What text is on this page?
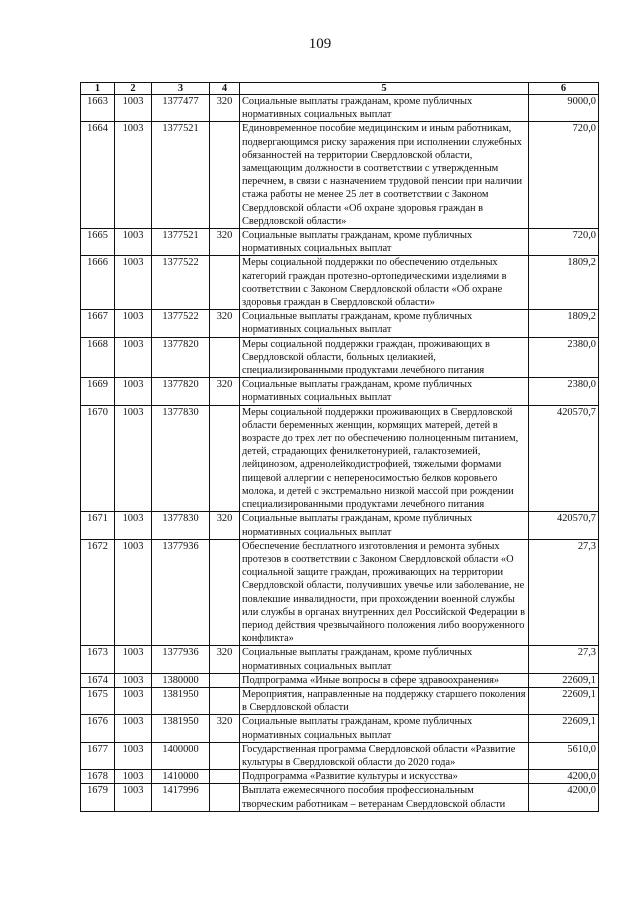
109
1	2	3	4	5	6
1663	1003	1377477	320	Социальные выплаты гражданам, кроме публичных нормативных социальных выплат	9000,0
1664	1003	1377521		Единовременное пособие медицинским и иным работникам, подвергающимся риску заражения при исполнении служебных обязанностей на территории Свердловской области, замещающим должности в соответствии с утвержденным перечнем, в связи с назначением трудовой пенсии при наличии стажа работы не менее 25 лет в соответствии с Законом Свердловской области «Об охране здоровья граждан в Свердловской области»	720,0
1665	1003	1377521	320	Социальные выплаты гражданам, кроме публичных нормативных социальных выплат	720,0
1666	1003	1377522		Меры социальной поддержки по обеспечению отдельных категорий граждан протезно-ортопедическими изделиями в соответствии с Законом Свердловской области «Об охране здоровья граждан в Свердловской области»	1809,2
1667	1003	1377522	320	Социальные выплаты гражданам, кроме публичных нормативных социальных выплат	1809,2
1668	1003	1377820		Меры социальной поддержки граждан, проживающих в Свердловской области, больных целиакией, специализированными продуктами лечебного питания	2380,0
1669	1003	1377820	320	Социальные выплаты гражданам, кроме публичных нормативных социальных выплат	2380,0
1670	1003	1377830		Меры социальной поддержки проживающих в Свердловской области беременных женщин, кормящих матерей, детей в возрасте до трех лет по обеспечению полноценным питанием, детей, страдающих фенилкетонурией, галактоземией, лейцинозом, адренолейкодистрофией, тяжелыми формами пищевой аллергии с непереносимостью белков коровьего молока, и детей с экстремально низкой массой при рождении специализированными продуктами лечебного питания	420570,7
1671	1003	1377830	320	Социальные выплаты гражданам, кроме публичных нормативных социальных выплат	420570,7
1672	1003	1377936		Обеспечение бесплатного изготовления и ремонта зубных протезов в соответствии с Законом Свердловской области «О социальной защите граждан, проживающих на территории Свердловской области, получивших увечье или заболевание, не повлекшие инвалидности, при прохождении военной службы или службы в органах внутренних дел Российской Федерации в период действия чрезвычайного положения либо вооруженного конфликта»	27,3
1673	1003	1377936	320	Социальные выплаты гражданам, кроме публичных нормативных социальных выплат	27,3
1674	1003	1380000		Подпрограмма «Иные вопросы в сфере здравоохранения»	22609,1
1675	1003	1381950		Мероприятия, направленные на поддержку старшего поколения в Свердловской области	22609,1
1676	1003	1381950	320	Социальные выплаты гражданам, кроме публичных нормативных социальных выплат	22609,1
1677	1003	1400000		Государственная программа Свердловской области «Развитие культуры в Свердловской области до 2020 года»	5610,0
1678	1003	1410000		Подпрограмма «Развитие культуры и искусства»	4200,0
1679	1003	1417996		Выплата ежемесячного пособия профессиональным творческим работникам – ветеранам Свердловской области	4200,0
